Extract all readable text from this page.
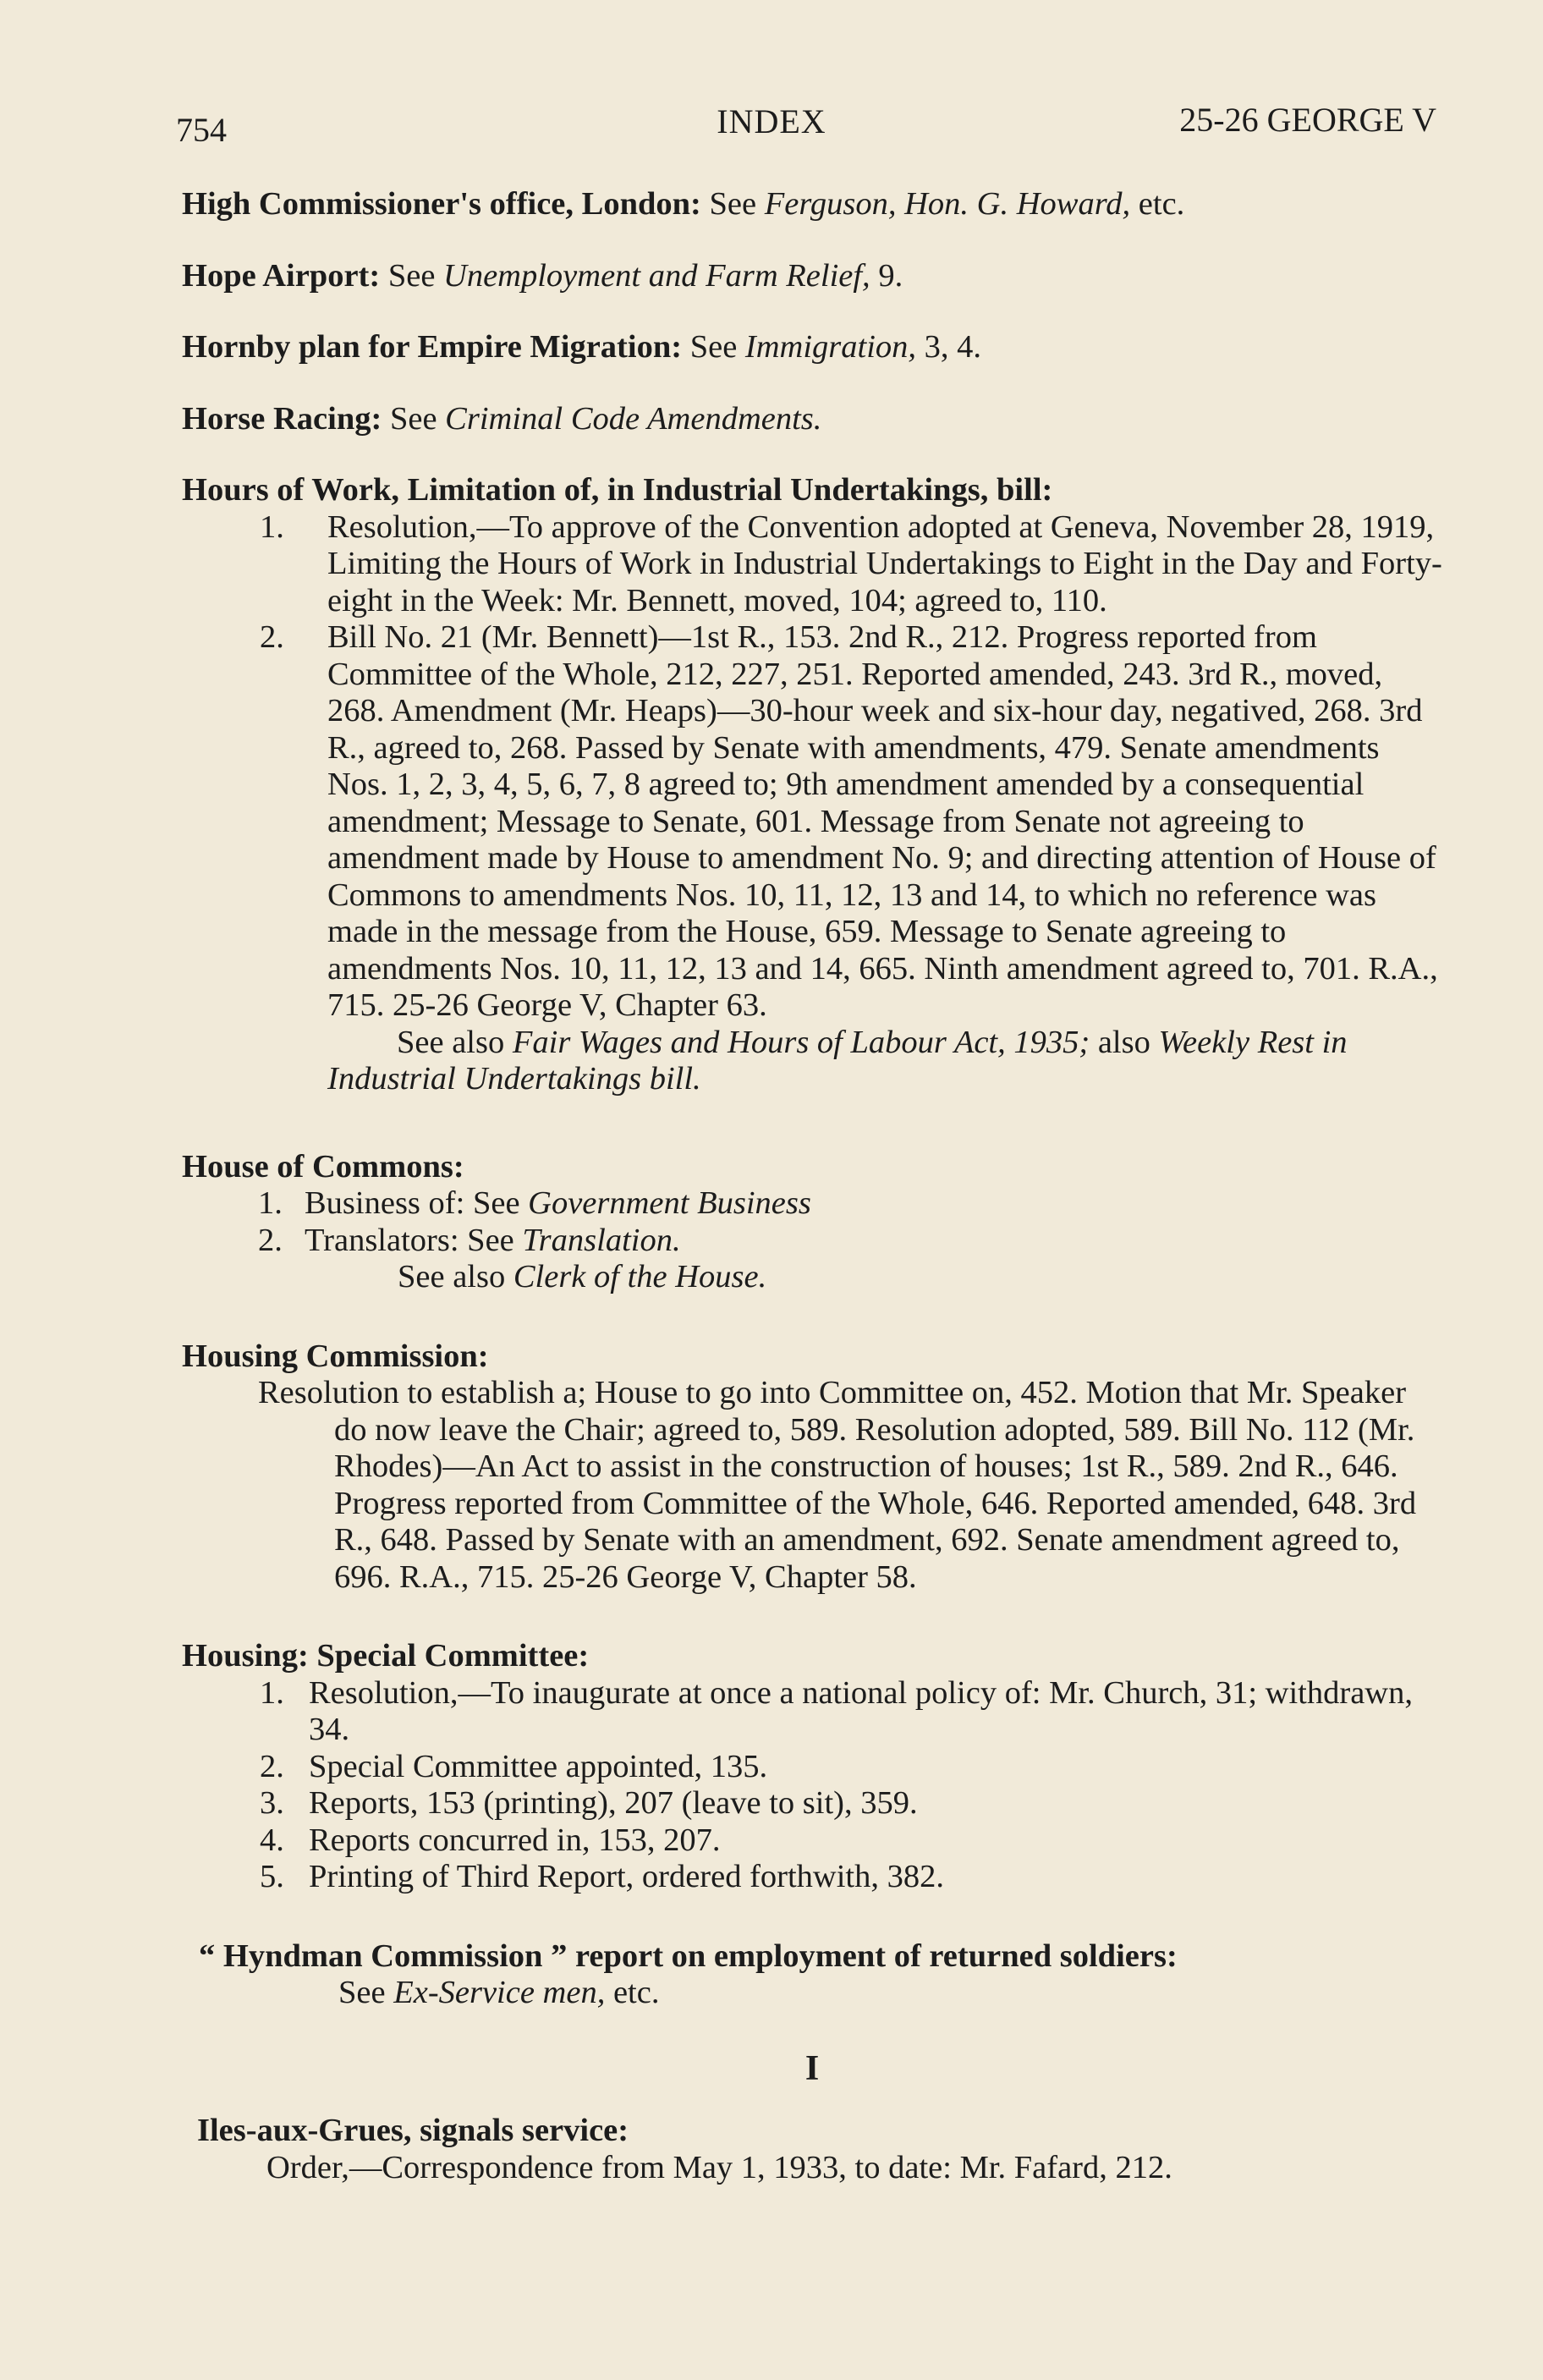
754	INDEX	25-26 GEORGE V
High Commissioner's office, London: See Ferguson, Hon. G. Howard, etc.
Hope Airport: See Unemployment and Farm Relief, 9.
Hornby plan for Empire Migration: See Immigration, 3, 4.
Horse Racing: See Criminal Code Amendments.
Hours of Work, Limitation of, in Industrial Undertakings, bill:
1. Resolution,—To approve of the Convention adopted at Geneva, November 28, 1919, Limiting the Hours of Work in Industrial Undertakings to Eight in the Day and Forty-eight in the Week: Mr. Bennett, moved, 104; agreed to, 110.
2. Bill No. 21 (Mr. Bennett)—1st R., 153. 2nd R., 212. Progress reported from Committee of the Whole, 212, 227, 251. Reported amended, 243. 3rd R., moved, 268. Amendment (Mr. Heaps)—30-hour week and six-hour day, negatived, 268. 3rd R., agreed to, 268. Passed by Senate with amendments, 479. Senate amendments Nos. 1, 2, 3, 4, 5, 6, 7, 8 agreed to; 9th amendment amended by a consequential amendment; Message to Senate, 601. Message from Senate not agreeing to amendment made by House to amendment No. 9; and directing attention of House of Commons to amendments Nos. 10, 11, 12, 13 and 14, to which no reference was made in the message from the House, 659. Message to Senate agreeing to amendments Nos. 10, 11, 12, 13 and 14, 665. Ninth amendment agreed to, 701. R.A., 715. 25-26 George V, Chapter 63.
See also Fair Wages and Hours of Labour Act, 1935; also Weekly Rest in Industrial Undertakings bill.
House of Commons:
1. Business of: See Government Business
2. Translators: See Translation.
See also Clerk of the House.
Housing Commission:
Resolution to establish a; House to go into Committee on, 452. Motion that Mr. Speaker do now leave the Chair; agreed to, 589. Resolution adopted, 589. Bill No. 112 (Mr. Rhodes)—An Act to assist in the construction of houses; 1st R., 589. 2nd R., 646. Progress reported from Committee of the Whole, 646. Reported amended, 648. 3rd R., 648. Passed by Senate with an amendment, 692. Senate amendment agreed to, 696. R.A., 715. 25-26 George V, Chapter 58.
Housing: Special Committee:
1. Resolution,—To inaugurate at once a national policy of: Mr. Church, 31; withdrawn, 34.
2. Special Committee appointed, 135.
3. Reports, 153 (printing), 207 (leave to sit), 359.
4. Reports concurred in, 153, 207.
5. Printing of Third Report, ordered forthwith, 382.
“ Hyndman Commission ” report on employment of returned soldiers:
See Ex-Service men, etc.
I
Iles-aux-Grues, signals service:
Order,—Correspondence from May 1, 1933, to date: Mr. Fafard, 212.
